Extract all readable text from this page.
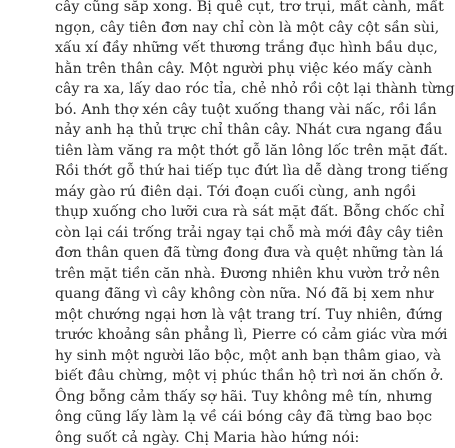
cây cũng sắp xong. Bị quê cụt, trơ trụi, mất cành, mất
ngọn, cây tiên đơn nay chỉ còn là một cây cột sần sùi,
xấu xí đầy những vết thương trắng đục hình bầu dục,
hằn trên thân cây. Một người phụ việc kéo mấy cành
cây ra xa, lấy dao róc tỉa, chẻ nhỏ rồi cột lại thành từng
bó. Anh thợ xén cây tuột xuống thang vài nấc, rồi lần
nảy anh hạ thủ trực chỉ thân cây. Nhát cưa ngang đầu
tiên làm văng ra một thớt gỗ lăn lông lốc trên mặt đất.
Rồi thớt gỗ thứ hai tiếp tục đứt lìa dễ dàng trong tiếng
máy gào rú điên dại. Tới đoạn cuối cùng, anh ngồi
thụp xuống cho lưỡi cưa rà sát mặt đất. Bỗng chốc chỉ
còn lại cái trống trải ngay tại chỗ mà mới đây cây tiên
đơn thân quen đã từng đong đưa và quệt những tàn lá
trên mặt tiền căn nhà. Đương nhiên khu vườn trở nên
quang đãng vì cây không còn nữa. Nó đã bị xem như
một chướng ngại hơn là vật trang trí. Tuy nhiên, đứng
trước khoảng sân phẳng lì, Pierre có cảm giác vừa mới
hy sinh một người lão bộc, một anh bạn thâm giao, và
biết đâu chừng, một vị phúc thần hộ trì nơi ăn chốn ở.
Ông bỗng cảm thấy sợ hãi. Tuy không mê tín, nhưng
ông cũng lấy làm lạ về cái bóng cây đã từng bao bọc
ông suốt cả ngày. Chị Maria hào hứng nói:
